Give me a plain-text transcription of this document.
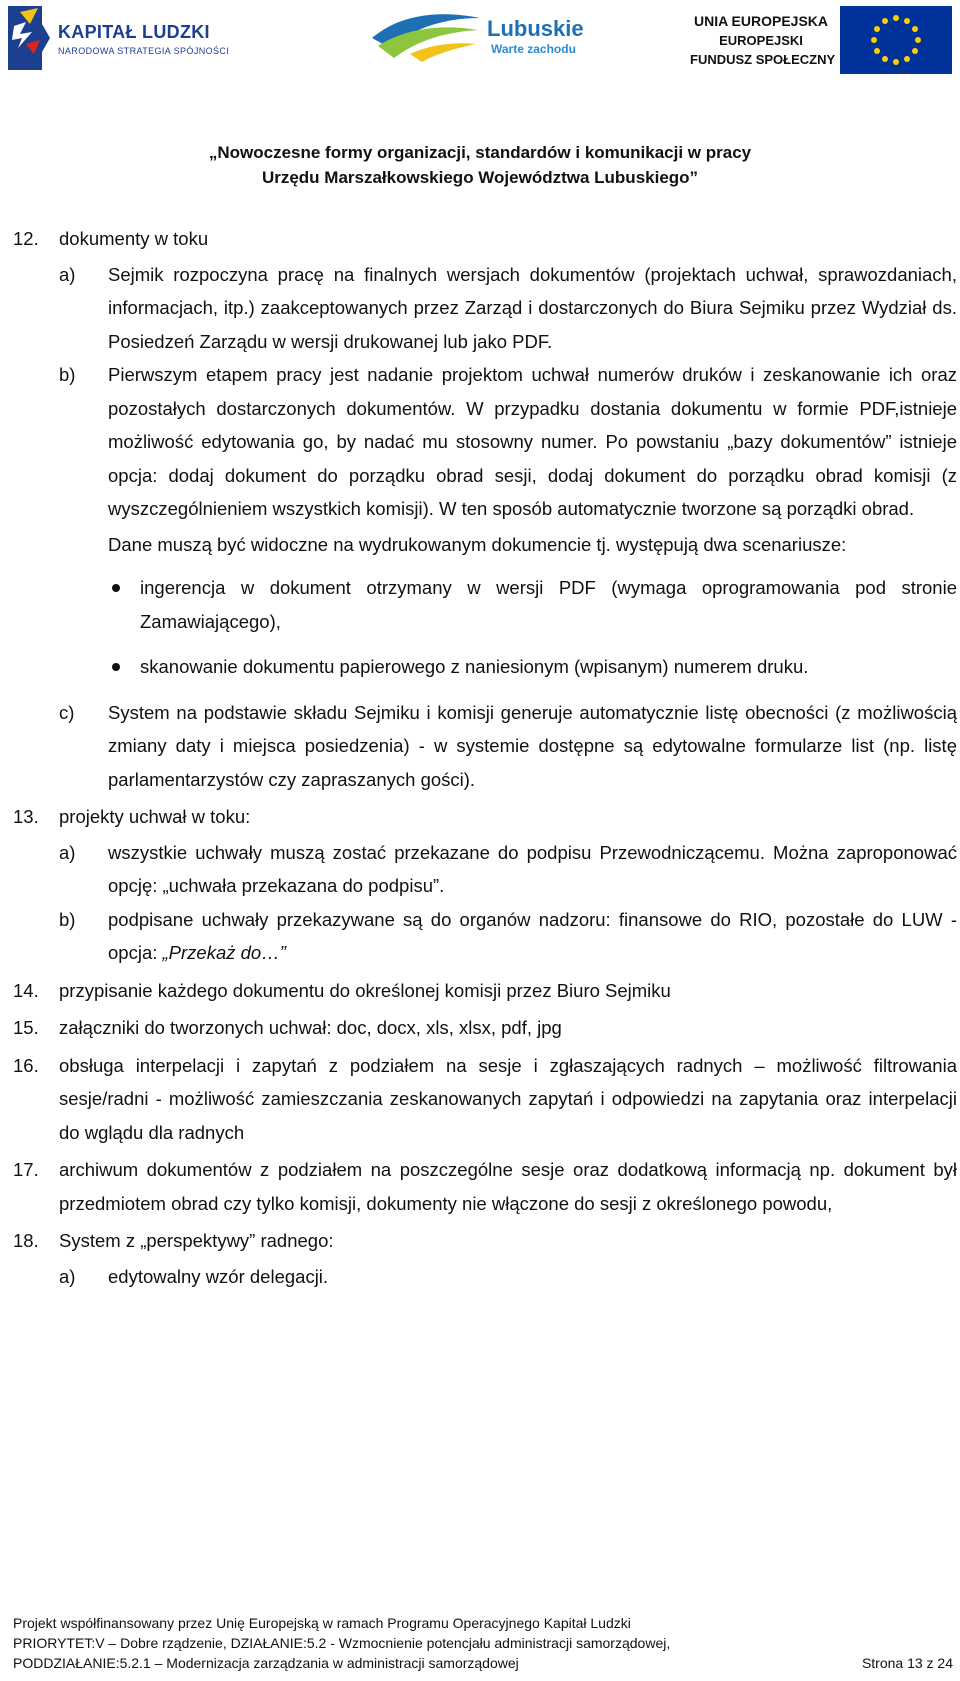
KAPITAŁ LUDZKI
NARODOWA STRATEGIA SPÓJNOŚCI
Lubuskie
Warte zachodu
UNIA EUROPEJSKA
EUROPEJSKI
FUNDUSZ SPOŁECZNY
„Nowoczesne formy organizacji, standardów i komunikacji w pracy
Urzędu Marszałkowskiego Województwa Lubuskiego”
12. dokumenty w toku
a) Sejmik rozpoczyna pracę na finalnych wersjach dokumentów (projektach uchwał, sprawozdaniach, informacjach, itp.) zaakceptowanych przez Zarząd i dostarczonych do Biura Sejmiku przez Wydział ds. Posiedzeń Zarządu w wersji drukowanej lub jako PDF.
b) Pierwszym etapem pracy jest nadanie projektom uchwał numerów druków i zeskanowanie ich oraz pozostałych dostarczonych dokumentów. W przypadku dostania dokumentu w formie PDF,istnieje możliwość edytowania go, by nadać mu stosowny numer. Po powstaniu „bazy dokumentów” istnieje opcja: dodaj dokument do porządku obrad sesji, dodaj dokument do porządku obrad komisji (z wyszczególnieniem wszystkich komisji). W ten sposób automatycznie tworzone są porządki obrad.
Dane muszą być widoczne na wydrukowanym dokumencie tj. występują dwa scenariusze:
ingerencja w dokument otrzymany w wersji PDF (wymaga oprogramowania pod stronie Zamawiającego),
skanowanie dokumentu papierowego z naniesionym (wpisanym) numerem druku.
c) System na podstawie składu Sejmiku i komisji generuje automatycznie listę obecności (z możliwością zmiany daty i miejsca posiedzenia) - w systemie dostępne są edytowalne formularze list (np. listę parlamentarzystów czy zapraszanych gości).
13. projekty uchwał w toku:
a) wszystkie uchwały muszą zostać przekazane do podpisu Przewodniczącemu. Można zaproponować opcję: „uchwała przekazana do podpisu”.
b) podpisane uchwały przekazywane są do organów nadzoru: finansowe do RIO, pozostałe do LUW - opcja: „Przekaż do…”
14. przypisanie każdego dokumentu do określonej komisji przez Biuro Sejmiku
15. załączniki do tworzonych uchwał: doc, docx, xls, xlsx, pdf, jpg
16. obsługa interpelacji i zapytań z podziałem na sesje i zgłaszających radnych – możliwość filtrowania sesje/radni - możliwość zamieszczania zeskanowanych zapytań i odpowiedzi na zapytania oraz interpelacji do wglądu dla radnych
17. archiwum dokumentów z podziałem na poszczególne sesje oraz dodatkową informacją np. dokument był przedmiotem obrad czy tylko komisji, dokumenty nie włączone do sesji z określonego powodu,
18. System z „perspektywy” radnego:
a) edytowalny wzór delegacji.
Projekt współfinansowany przez Unię Europejską w ramach Programu Operacyjnego Kapitał Ludzki
PRIORYTET:V – Dobre rządzenie, DZIAŁANIE:5.2 - Wzmocnienie potencjału administracji samorządowej,
PODDZIAŁANIE:5.2.1 – Modernizacja zarządzania w administracji samorządowej	Strona 13 z 24
